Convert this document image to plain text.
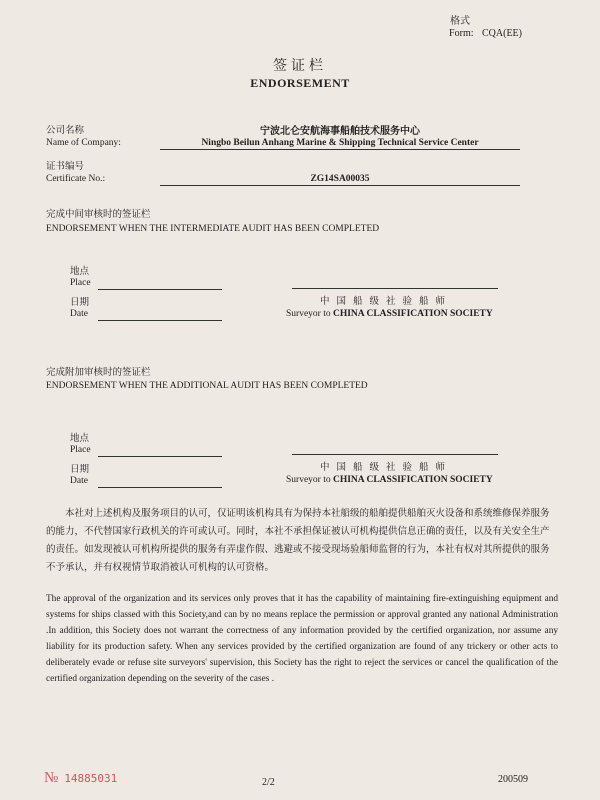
格式
Form: CQA(EE)
签证栏
ENDORSEMENT
公司名称
Name of Company:
宁波北仑安航海事船舶技术服务中心
Ningbo Beilun Anhang Marine & Shipping Technical Service Center
证书编号
Certificate No.:	ZG14SA00035
完成中间审核时的签证栏
ENDORSEMENT WHEN THE INTERMEDIATE AUDIT HAS BEEN COMPLETED
地点
Place
日期
Date
中国船级社验船师
Surveyor to CHINA CLASSIFICATION SOCIETY
完成附加审核时的签证栏
ENDORSEMENT WHEN THE ADDITIONAL AUDIT HAS BEEN COMPLETED
地点
Place
日期
Date
中国船级社验船师
Surveyor to CHINA CLASSIFICATION SOCIETY
本社对上述机构及服务项目的认可，仅证明该机构具有为保持本社船级的船舶提供船舶灭火设备和系统维修保养服务的能力，不代替国家行政机关的许可或认可。同时，本社不承担保证被认可机构提供信息正确的责任，以及有关安全生产的责任。如发现被认可机构所提供的服务有弄虚作假、逃避或不接受现场验船师监督的行为，本社有权对其所提供的服务不予承认，并有权视情节取消被认可机构的认可资格。
The approval of the organization and its services only proves that it has the capability of maintaining fire-extinguishing equipment and systems for ships classed with this Society,and can by no means replace the permission or approval granted any national Administration .In addition, this Society does not warrant the correctness of any information provided by the certified organization, nor assume any liability for its production safety. When any services provided by the certified organization are found of any trickery or other acts to deliberately evade or refuse site surveyors' supervision, this Society has the right to reject the services or cancel the qualification of the certified organization depending on the severity of the cases .
№ 14885031	2/2	200509
